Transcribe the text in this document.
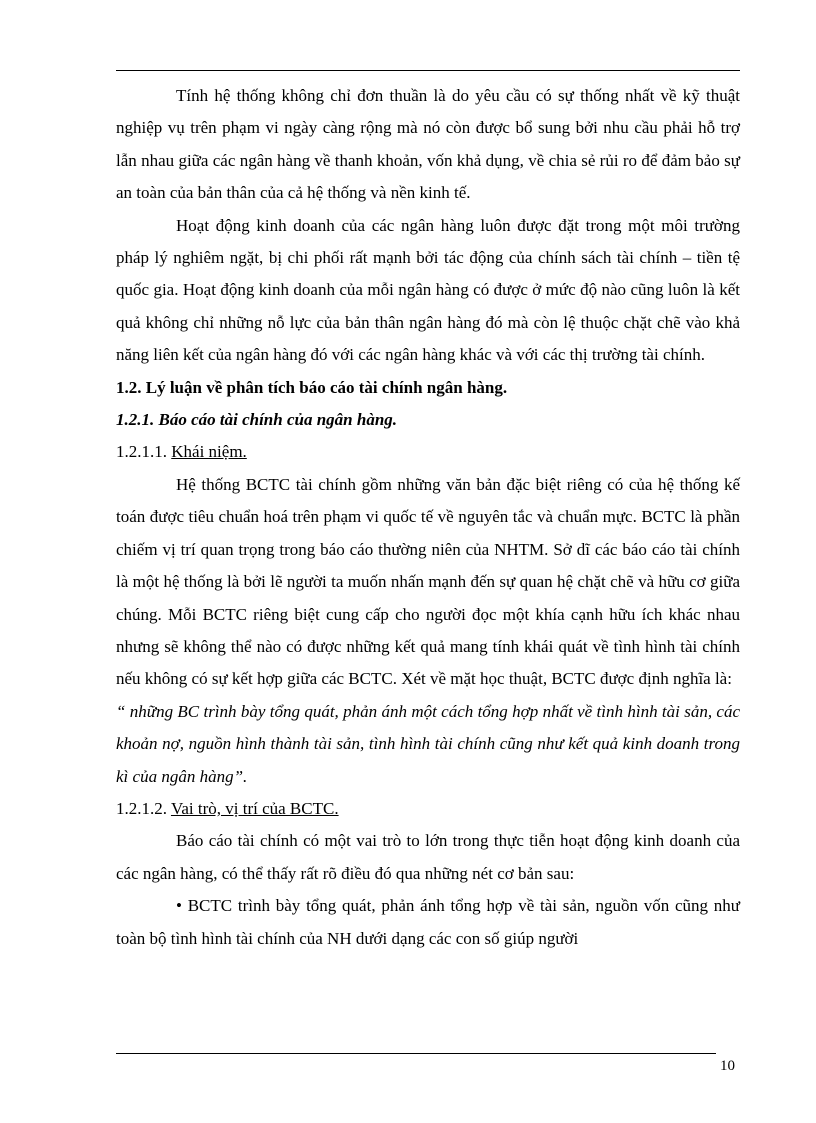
Tính hệ thống không chỉ đơn thuần là do yêu cầu có sự thống nhất về kỹ thuật nghiệp vụ trên phạm vi ngày càng rộng mà nó còn được bổ sung bởi nhu cầu phải hỗ trợ lẫn nhau giữa các ngân hàng về thanh khoản, vốn khả dụng, về chia sẻ rủi ro để đảm bảo sự an toàn của bản thân của cả hệ thống và nền kinh tế.

Hoạt động kinh doanh của các ngân hàng luôn được đặt trong một môi trường pháp lý nghiêm ngặt, bị chi phối rất mạnh bởi tác động của chính sách tài chính – tiền tệ quốc gia. Hoạt động kinh doanh của mỗi ngân hàng có được ở mức độ nào cũng luôn là kết quả không chỉ những nỗ lực của bản thân ngân hàng đó mà còn lệ thuộc chặt chẽ vào khả năng liên kết của ngân hàng đó với các ngân hàng khác và với các thị trường tài chính.

1.2. Lý luận về phân tích báo cáo tài chính ngân hàng.

1.2.1. Báo cáo tài chính của ngân hàng.

1.2.1.1. Khái niệm.

Hệ thống BCTC tài chính gồm những văn bản đặc biệt riêng có của hệ thống kế toán được tiêu chuẩn hoá trên phạm vi quốc tế về nguyên tắc và chuẩn mực. BCTC là phần chiếm vị trí quan trọng trong báo cáo thường niên của NHTM. Sở dĩ các báo cáo tài chính là một hệ thống là bởi lẽ người ta muốn nhấn mạnh đến sự quan hệ chặt chẽ và hữu cơ giữa chúng. Mỗi BCTC riêng biệt cung cấp cho người đọc một khía cạnh hữu ích khác nhau nhưng sẽ không thể nào có được những kết quả mang tính khái quát về tình hình tài chính nếu không có sự kết hợp giữa các BCTC. Xét về mặt học thuật, BCTC được định nghĩa là:

“ những BC trình bày tổng quát, phản ánh một cách tổng hợp nhất về tình hình tài sản, các khoản nợ, nguồn hình thành tài sản, tình hình tài chính cũng như kết quả kinh doanh trong kì của ngân hàng”.

1.2.1.2. Vai trò, vị trí của BCTC.

Báo cáo tài chính có một vai trò to lớn trong thực tiễn hoạt động kinh doanh của các ngân hàng, có thể thấy rất rõ điều đó qua những nét cơ bản sau:

• BCTC trình bày tổng quát, phản ánh tổng hợp về tài sản, nguồn vốn cũng như toàn bộ tình hình tài chính của NH dưới dạng các con số giúp người

10
